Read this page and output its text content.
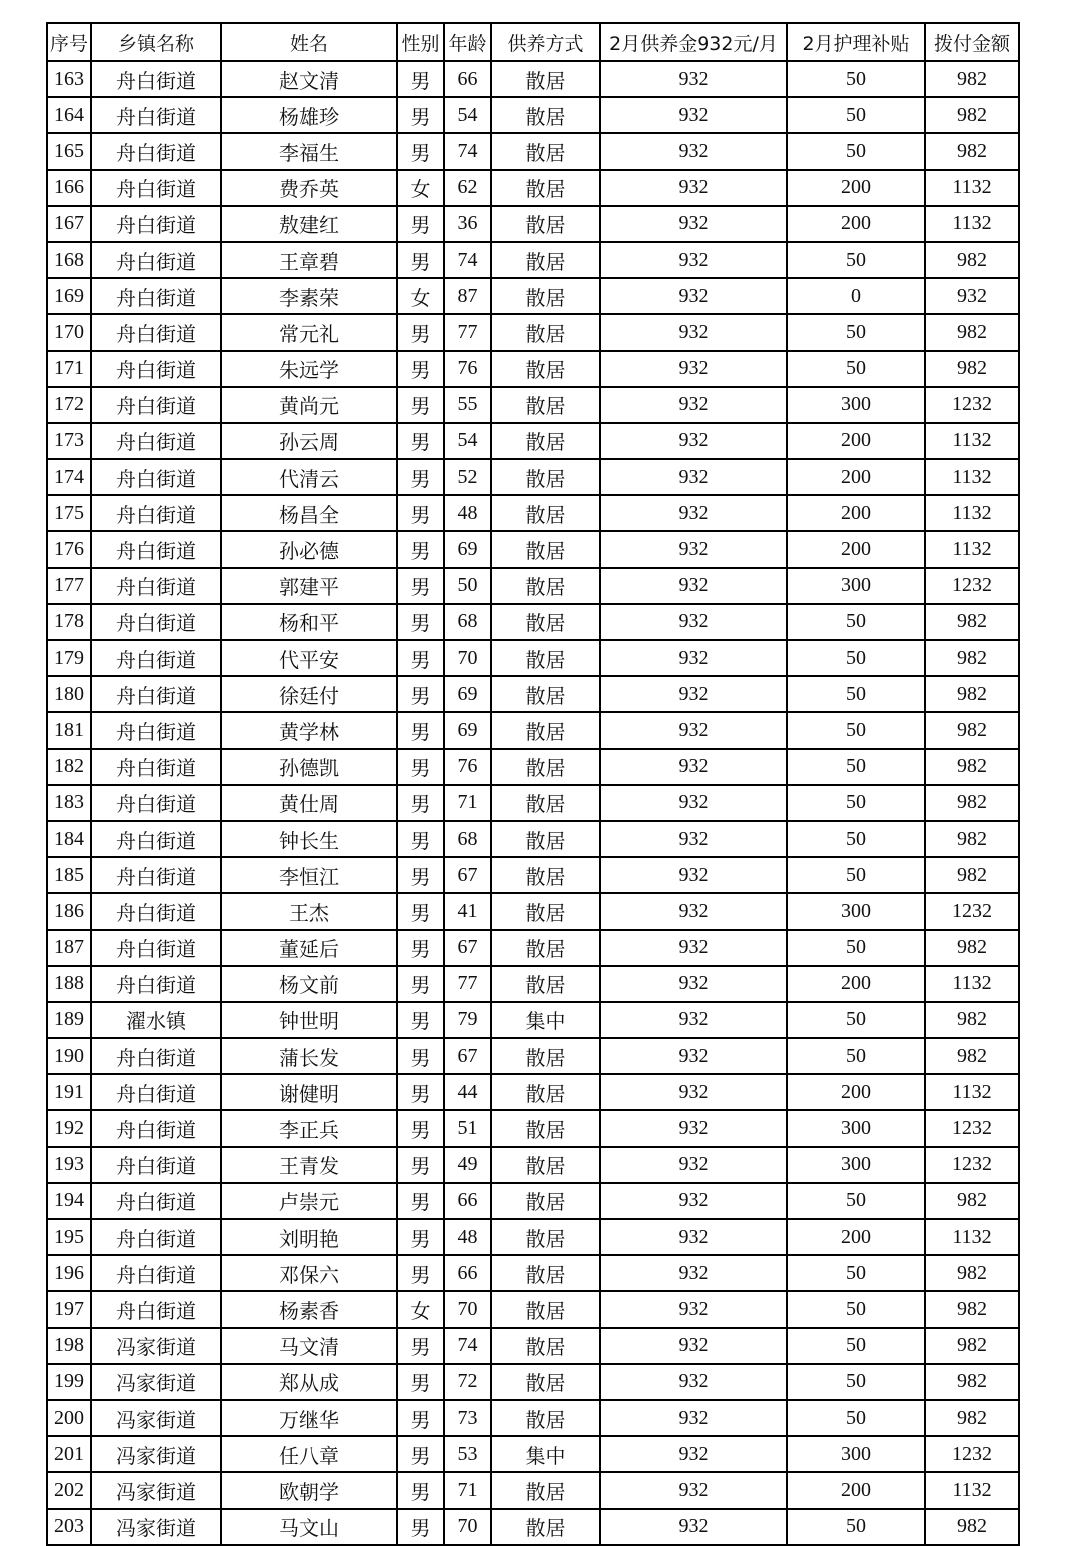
序号	乡镇名称	姓名	性别	年龄	供养方式	2月供养金932元/月	2月护理补贴	拨付金额
163	舟白街道	赵文清	男	66	散居	932	50	982
164	舟白街道	杨雄珍	男	54	散居	932	50	982
165	舟白街道	李福生	男	74	散居	932	50	982
166	舟白街道	费乔英	女	62	散居	932	200	1132
167	舟白街道	敖建红	男	36	散居	932	200	1132
168	舟白街道	王章碧	男	74	散居	932	50	982
169	舟白街道	李素荣	女	87	散居	932	0	932
170	舟白街道	常元礼	男	77	散居	932	50	982
171	舟白街道	朱远学	男	76	散居	932	50	982
172	舟白街道	黄尚元	男	55	散居	932	300	1232
173	舟白街道	孙云周	男	54	散居	932	200	1132
174	舟白街道	代清云	男	52	散居	932	200	1132
175	舟白街道	杨昌全	男	48	散居	932	200	1132
176	舟白街道	孙必德	男	69	散居	932	200	1132
177	舟白街道	郭建平	男	50	散居	932	300	1232
178	舟白街道	杨和平	男	68	散居	932	50	982
179	舟白街道	代平安	男	70	散居	932	50	982
180	舟白街道	徐廷付	男	69	散居	932	50	982
181	舟白街道	黄学林	男	69	散居	932	50	982
182	舟白街道	孙德凯	男	76	散居	932	50	982
183	舟白街道	黄仕周	男	71	散居	932	50	982
184	舟白街道	钟长生	男	68	散居	932	50	982
185	舟白街道	李恒江	男	67	散居	932	50	982
186	舟白街道	王杰	男	41	散居	932	300	1232
187	舟白街道	董延后	男	67	散居	932	50	982
188	舟白街道	杨文前	男	77	散居	932	200	1132
189	濯水镇	钟世明	男	79	集中	932	50	982
190	舟白街道	蒲长发	男	67	散居	932	50	982
191	舟白街道	谢健明	男	44	散居	932	200	1132
192	舟白街道	李正兵	男	51	散居	932	300	1232
193	舟白街道	王青发	男	49	散居	932	300	1232
194	舟白街道	卢崇元	男	66	散居	932	50	982
195	舟白街道	刘明艳	男	48	散居	932	200	1132
196	舟白街道	邓保六	男	66	散居	932	50	982
197	舟白街道	杨素香	女	70	散居	932	50	982
198	冯家街道	马文清	男	74	散居	932	50	982
199	冯家街道	郑从成	男	72	散居	932	50	982
200	冯家街道	万继华	男	73	散居	932	50	982
201	冯家街道	任八章	男	53	集中	932	300	1232
202	冯家街道	欧朝学	男	71	散居	932	200	1132
203	冯家街道	马文山	男	70	散居	932	50	982
